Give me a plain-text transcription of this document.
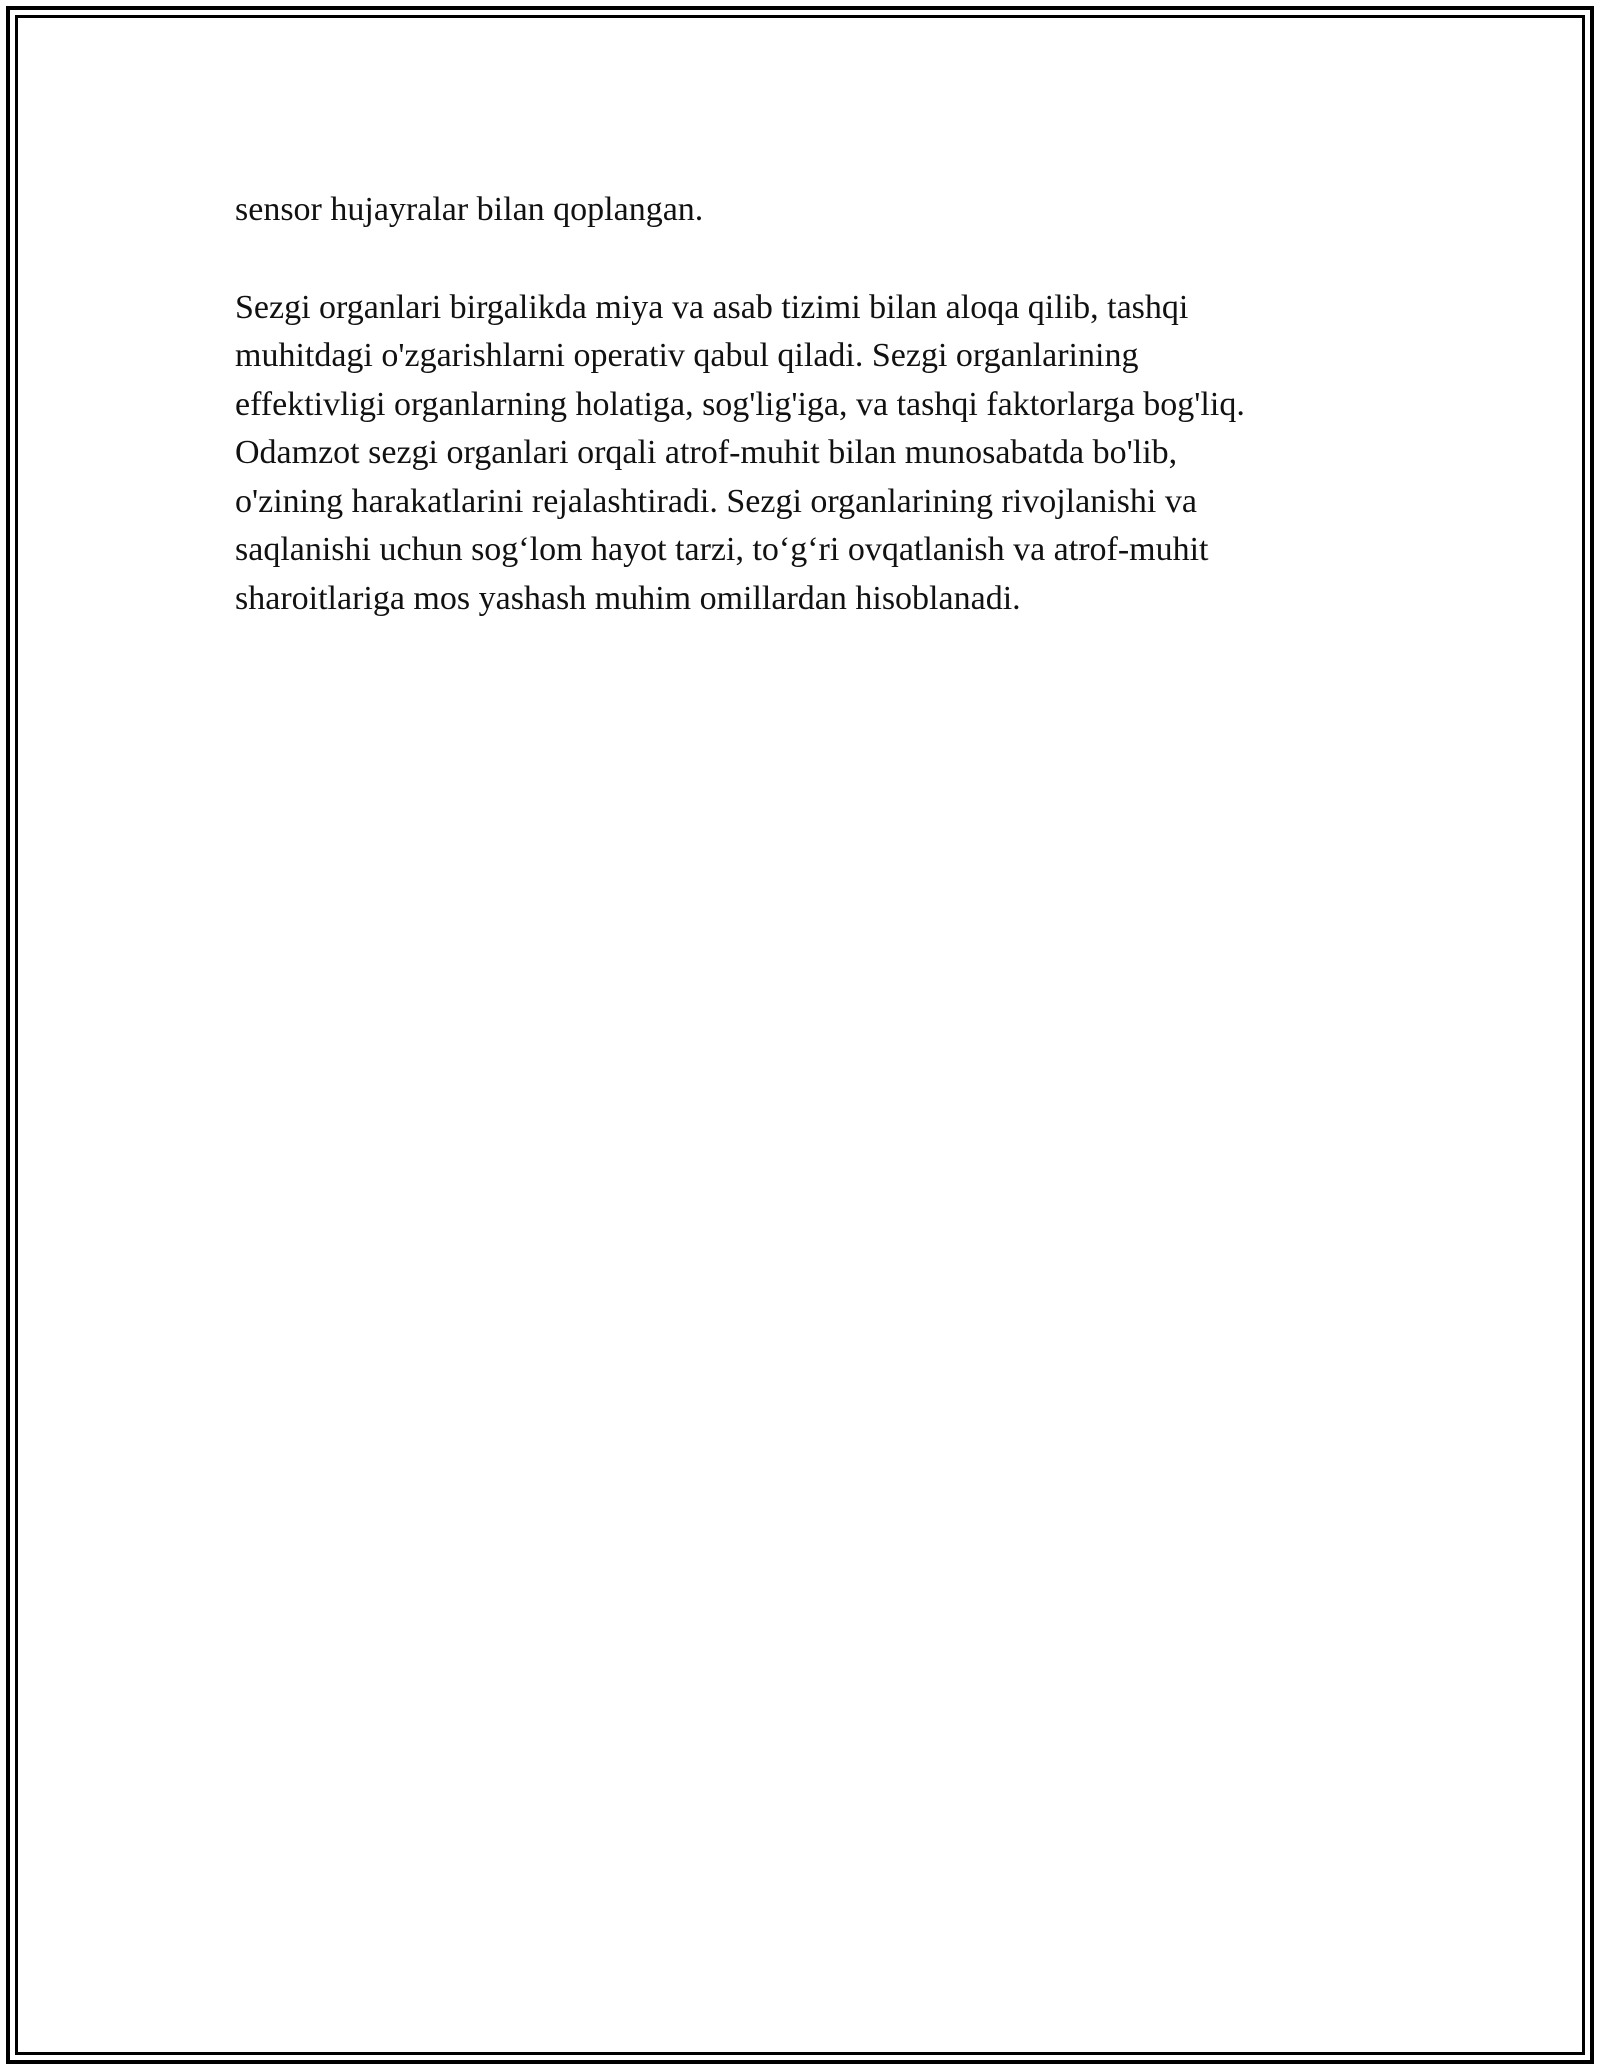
sensor hujayralar bilan qoplangan.

Sezgi organlari birgalikda miya va asab tizimi bilan aloqa qilib, tashqi
muhitdagi o'zgarishlarni operativ qabul qiladi. Sezgi organlarining
effektivligi organlarning holatiga, sog'lig'iga, va tashqi faktorlarga bog'liq.
Odamzot sezgi organlari orqali atrof-muhit bilan munosabatda bo'lib,
o'zining harakatlarini rejalashtiradi. Sezgi organlarining rivojlanishi va
saqlanishi uchun sog‘lom hayot tarzi, to‘g‘ri ovqatlanish va atrof-muhit
sharoitlariga mos yashash muhim omillardan hisoblanadi.
